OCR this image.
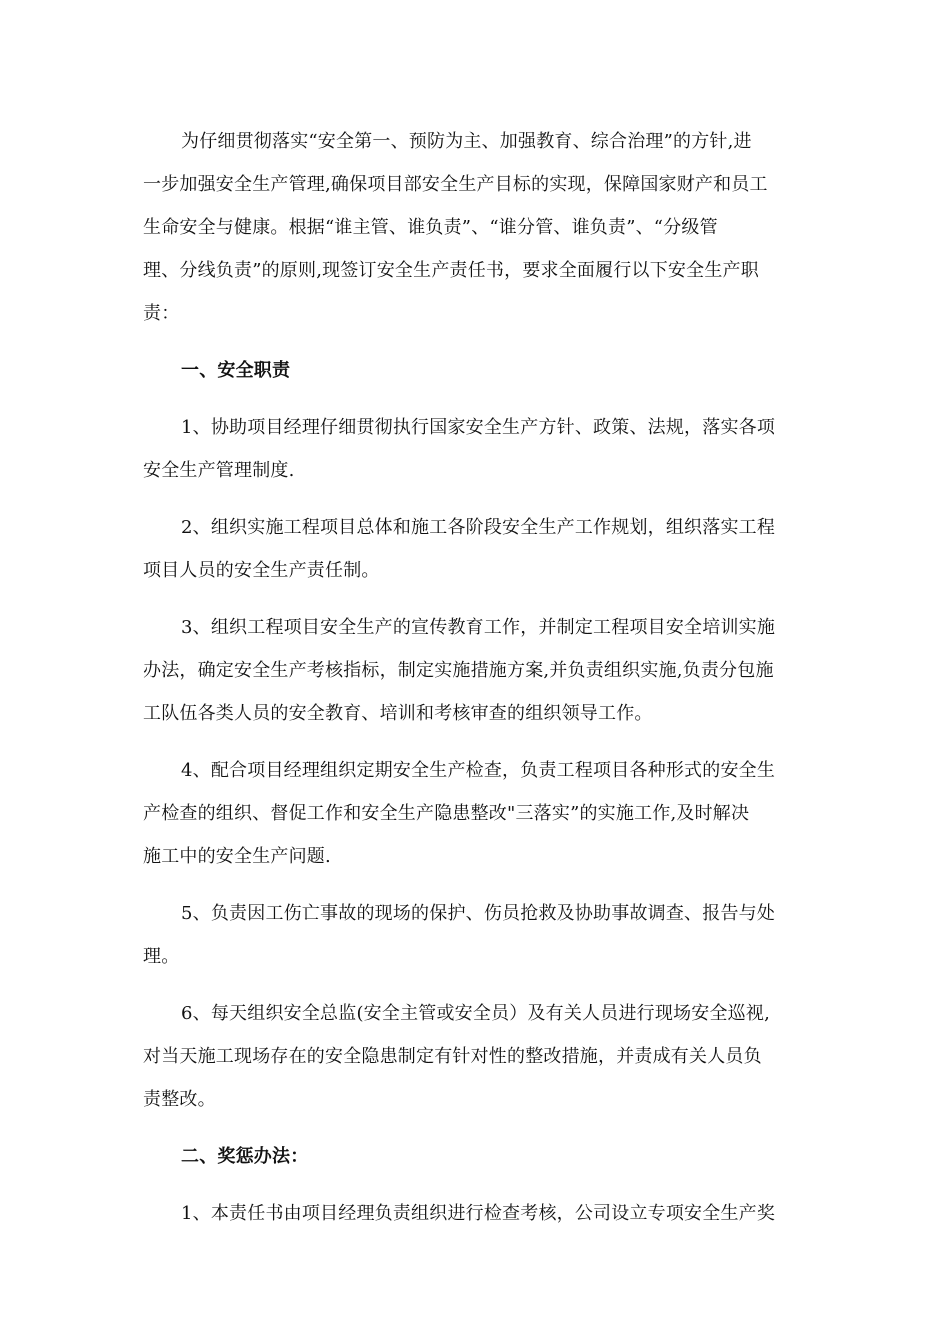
为仔细贯彻落实“安全第一、预防为主、加强教育、综合治理”的方针,进
一步加强安全生产管理,确保项目部安全生产目标的实现，保障国家财产和员工
生命安全与健康。根据“谁主管、谁负责”、“谁分管、谁负责”、“分级管
理、分线负责”的原则,现签订安全生产责任书，要求全面履行以下安全生产职
责：

一、安全职责

1、协助项目经理仔细贯彻执行国家安全生产方针、政策、法规，落实各项
安全生产管理制度.

2、组织实施工程项目总体和施工各阶段安全生产工作规划，组织落实工程
项目人员的安全生产责任制。

3、组织工程项目安全生产的宣传教育工作，并制定工程项目安全培训实施
办法，确定安全生产考核指标，制定实施措施方案,并负责组织实施,负责分包施
工队伍各类人员的安全教育、培训和考核审查的组织领导工作。

4、配合项目经理组织定期安全生产检查，负责工程项目各种形式的安全生
产检查的组织、督促工作和安全生产隐患整改"三落实”的实施工作,及时解决
施工中的安全生产问题.

5、负责因工伤亡事故的现场的保护、伤员抢救及协助事故调查、报告与处
理。

6、每天组织安全总监(安全主管或安全员）及有关人员进行现场安全巡视,
对当天施工现场存在的安全隐患制定有针对性的整改措施，并责成有关人员负
责整改。

二、奖惩办法：

1、本责任书由项目经理负责组织进行检查考核，公司设立专项安全生产奖
